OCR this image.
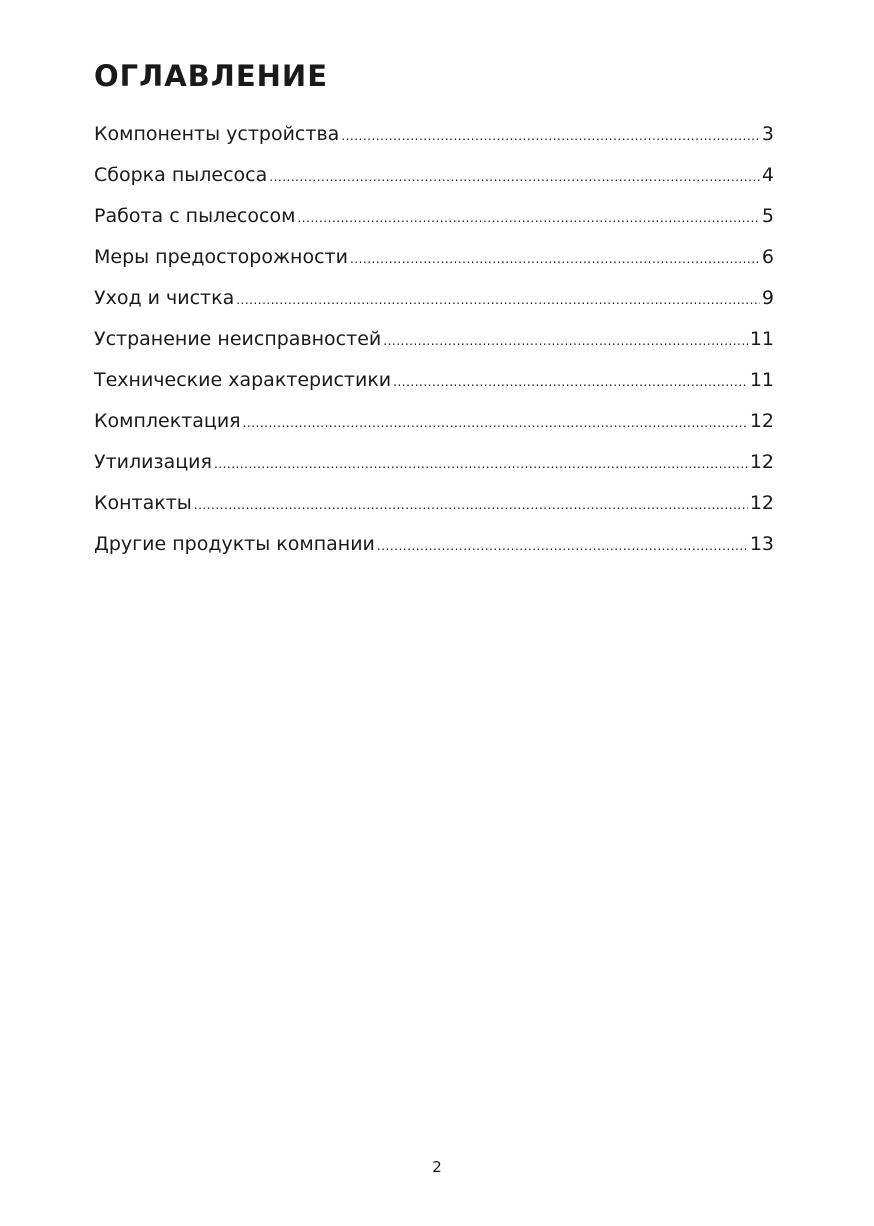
ОГЛАВЛЕНИЕ
Компоненты устройства .....	3
Сборка пылесоса .....	4
Работа с пылесосом .....	5
Меры предосторожности .....	6
Уход и чистка .....	9
Устранение неисправностей .....	11
Технические характеристики .....	11
Комплектация .....	12
Утилизация .....	12
Контакты .....	12
Другие продукты компании .....	13
2
